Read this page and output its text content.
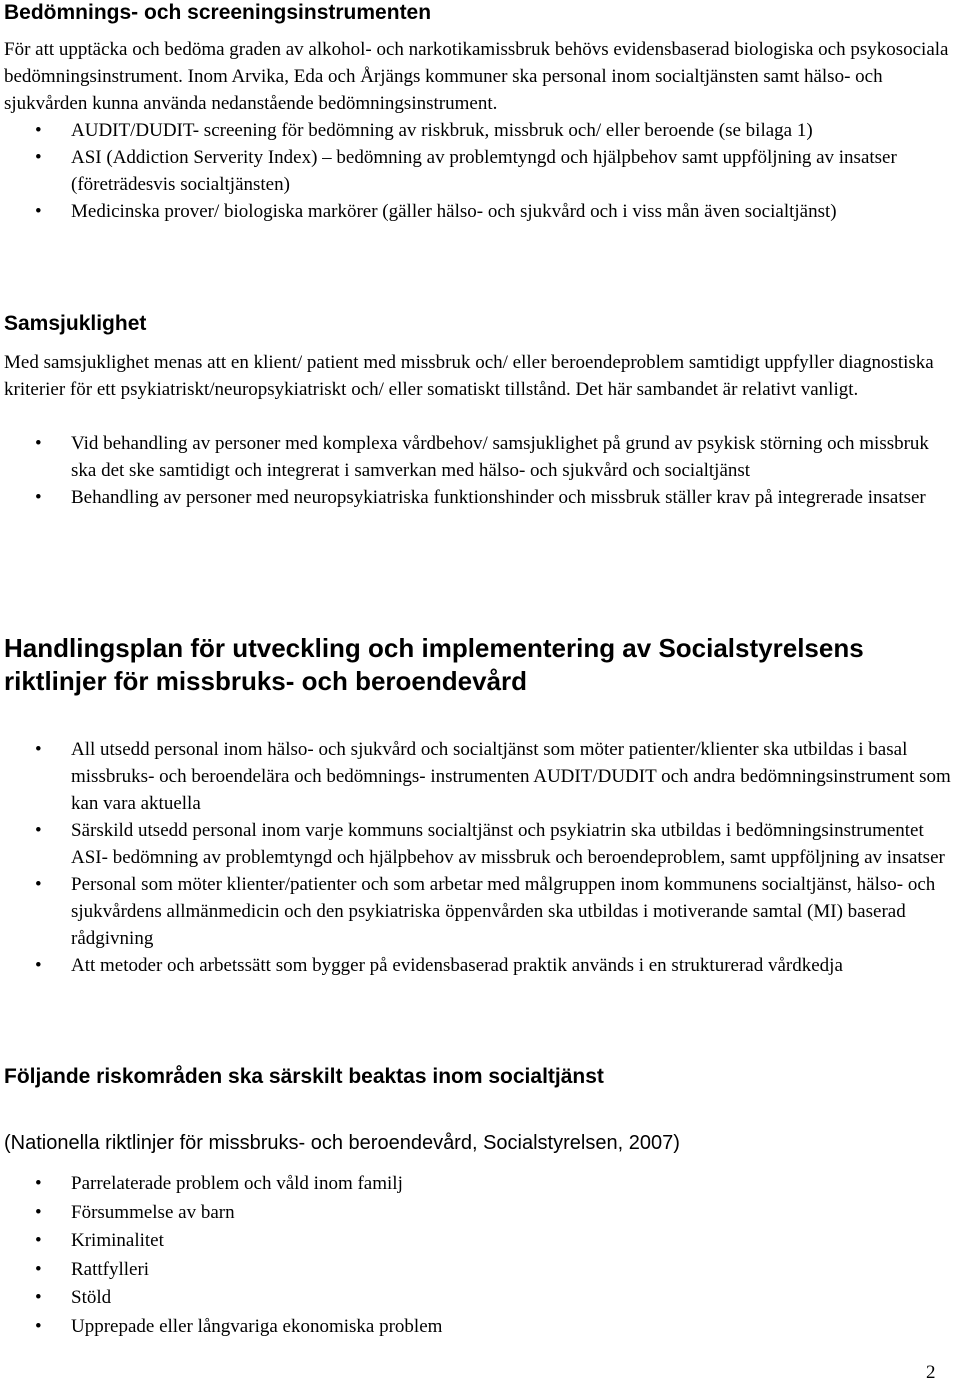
Bedömnings- och screeningsinstrumenten

För att upptäcka och bedöma graden av alkohol- och narkotikamissbruk behövs evidensbaserad biologiska och psykosociala bedömningsinstrument. Inom Arvika, Eda och Årjängs kommuner ska personal inom socialtjänsten samt hälso- och sjukvården kunna använda nedanstående bedömningsinstrument.

• AUDIT/DUDIT- screening för bedömning av riskbruk, missbruk och/ eller beroende (se bilaga 1)
• ASI (Addiction Serverity Index) – bedömning av problemtyngd och hjälpbehov samt uppföljning av insatser (företrädesvis socialtjänsten)
• Medicinska prover/ biologiska markörer (gäller hälso- och sjukvård och i viss mån även socialtjänst)
Samsjuklighet

Med samsjuklighet menas att en klient/ patient med missbruk och/ eller beroendeproblem samtidigt uppfyller diagnostiska kriterier för ett psykiatriskt/neuropsykiatriskt och/ eller somatiskt tillstånd. Det här sambandet är relativt vanligt.

• Vid behandling av personer med komplexa vårdbehov/ samsjuklighet på grund av psykisk störning och missbruk ska det ske samtidigt och integrerat i samverkan med hälso- och sjukvård och socialtjänst
• Behandling av personer med neuropsykiatriska funktionshinder och missbruk ställer krav på integrerade insatser
Handlingsplan för utveckling och implementering av Socialstyrelsens riktlinjer för missbruks- och beroendevård
• All utsedd personal inom hälso- och sjukvård och socialtjänst som möter patienter/klienter ska utbildas i basal missbruks- och beroendelära och bedömnings- instrumenten AUDIT/DUDIT och andra bedömningsinstrument som kan vara aktuella
• Särskild utsedd personal inom varje kommuns socialtjänst och psykiatrin ska utbildas i bedömningsinstrumentet ASI- bedömning av problemtyngd och hjälpbehov av missbruk och beroendeproblem, samt uppföljning av insatser
• Personal som möter klienter/patienter och som arbetar med målgruppen inom kommunens socialtjänst, hälso- och sjukvårdens allmänmedicin och den psykiatriska öppenvården ska utbildas i motiverande samtal (MI) baserad rådgivning
• Att metoder och arbetssätt som bygger på evidensbaserad praktik används i en strukturerad vårdkedja
Följande riskområden ska särskilt beaktas inom socialtjänst

(Nationella riktlinjer för missbruks- och beroendevård, Socialstyrelsen, 2007)

• Parrelaterade problem och våld inom familj
• Försummelse av barn
• Kriminalitet
• Rattfylleri
• Stöld
• Upprepade eller långvariga ekonomiska problem
2
